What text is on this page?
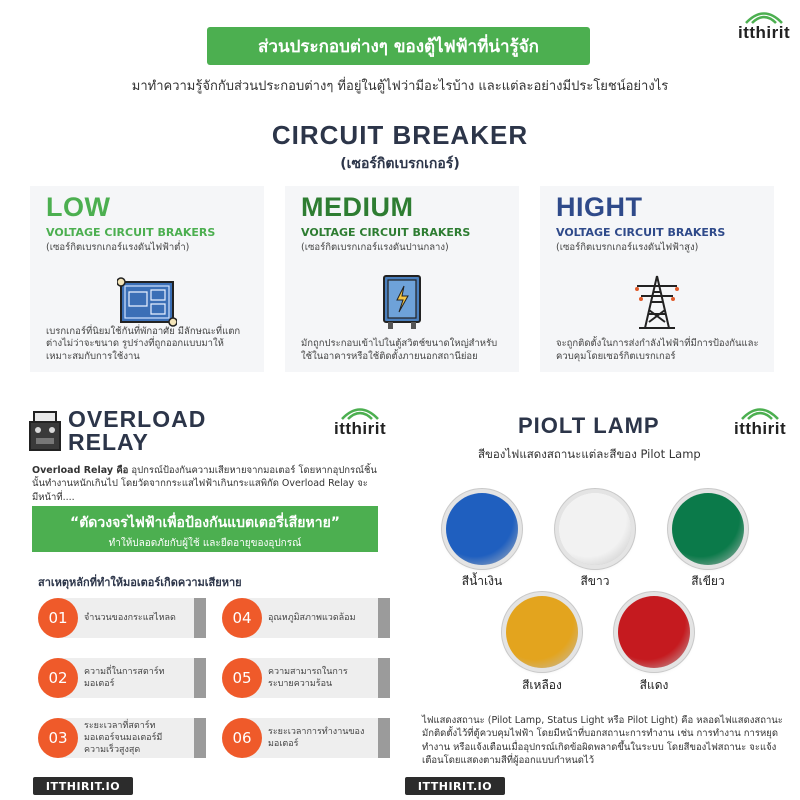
ส่วนประกอบต่างๆ ของตู้ไฟฟ้าที่น่ารู้จัก
มาทำความรู้จักกับส่วนประกอบต่างๆ ที่อยู่ในตู้ไฟว่ามีอะไรบ้าง และแต่ละอย่างมีประโยชน์อย่างไร
itthirit
CIRCUIT BREAKER
(เซอร์กิตเบรกเกอร์)
LOW
VOLTAGE CIRCUIT BRAKERS
(เซอร์กิตเบรกเกอร์แรงดันไฟฟ้าต่ำ)
เบรกเกอร์ที่นิยมใช้กันที่พักอาศัย มีลักษณะที่แตกต่างไม่ว่าจะขนาด รูปร่างที่ถูกออกแบบมาให้เหมาะสมกับการใช้งาน
MEDIUM
VOLTAGE CIRCUIT BRAKERS
(เซอร์กิตเบรกเกอร์แรงดันปานกลาง)
มักถูกประกอบเข้าไปในตู้สวิตช์ขนาดใหญ่สำหรับใช้ในอาคารหรือใช้ติดตั้งภายนอกสถานีย่อย
HIGHT
VOLTAGE CIRCUIT BRAKERS
(เซอร์กิตเบรกเกอร์แรงดันไฟฟ้าสูง)
จะถูกติดตั้งในการส่งกำลังไฟฟ้าที่มีการป้องกันและควบคุมโดยเซอร์กิตเบรกเกอร์
OVERLOAD
RELAY
itthirit
Overload Relay คือ อุปกรณ์ป้องกันความเสียหายจากมอเตอร์ โดยหากอุปกรณ์ชิ้นนั้นทำงานหนักเกินไป โดยวัดจากกระแสไฟฟ้าเกินกระแสพิกัด Overload Relay จะมีหน้าที่....
“ตัดวงจรไฟฟ้าเพื่อป้องกันแบตเตอรี่เสียหาย”
ทำให้ปลอดภัยกับผู้ใช้ และยืดอายุของอุปกรณ์
สาเหตุหลักที่ทำให้มอเตอร์เกิดความเสียหาย
01	จำนวนของกระแสไหลด
02	ความถี่ในการสตาร์ทมอเตอร์
03
ระยะเวลาที่สตาร์ทมอเตอร์จนมอเตอร์มีความเร็วสูงสุด
04	อุณหภูมิสภาพแวดล้อม
05	ความสามารถในการระบายความร้อน
06	ระยะเวลาการทำงานของมอเตอร์
ITTHIRIT.IO
PIOLT LAMP	itthirit
สีของไฟแสดงสถานะแต่ละสีของ Pilot Lamp
สีน้ำเงิน	สีขาว	สีเขียว
สีเหลือง	สีแดง
ไฟแสดงสถานะ (Pilot Lamp, Status Light หรือ Pilot Light) คือ หลอดไฟแสดงสถานะ มักติดตั้งไว้ที่ตู้ควบคุมไฟฟ้า โดยมีหน้าที่บอกสถานะการทำงาน เช่น การทำงาน การหยุดทำงาน หรือแจ้งเตือนเมื่ออุปกรณ์เกิดข้อผิดพลาดขึ้นในระบบ โดยสีของไฟสถานะ จะแจ้งเตือนโดยแสดงตามสีที่ผู้ออกแบบกำหนดไว้
ITTHIRIT.IO
